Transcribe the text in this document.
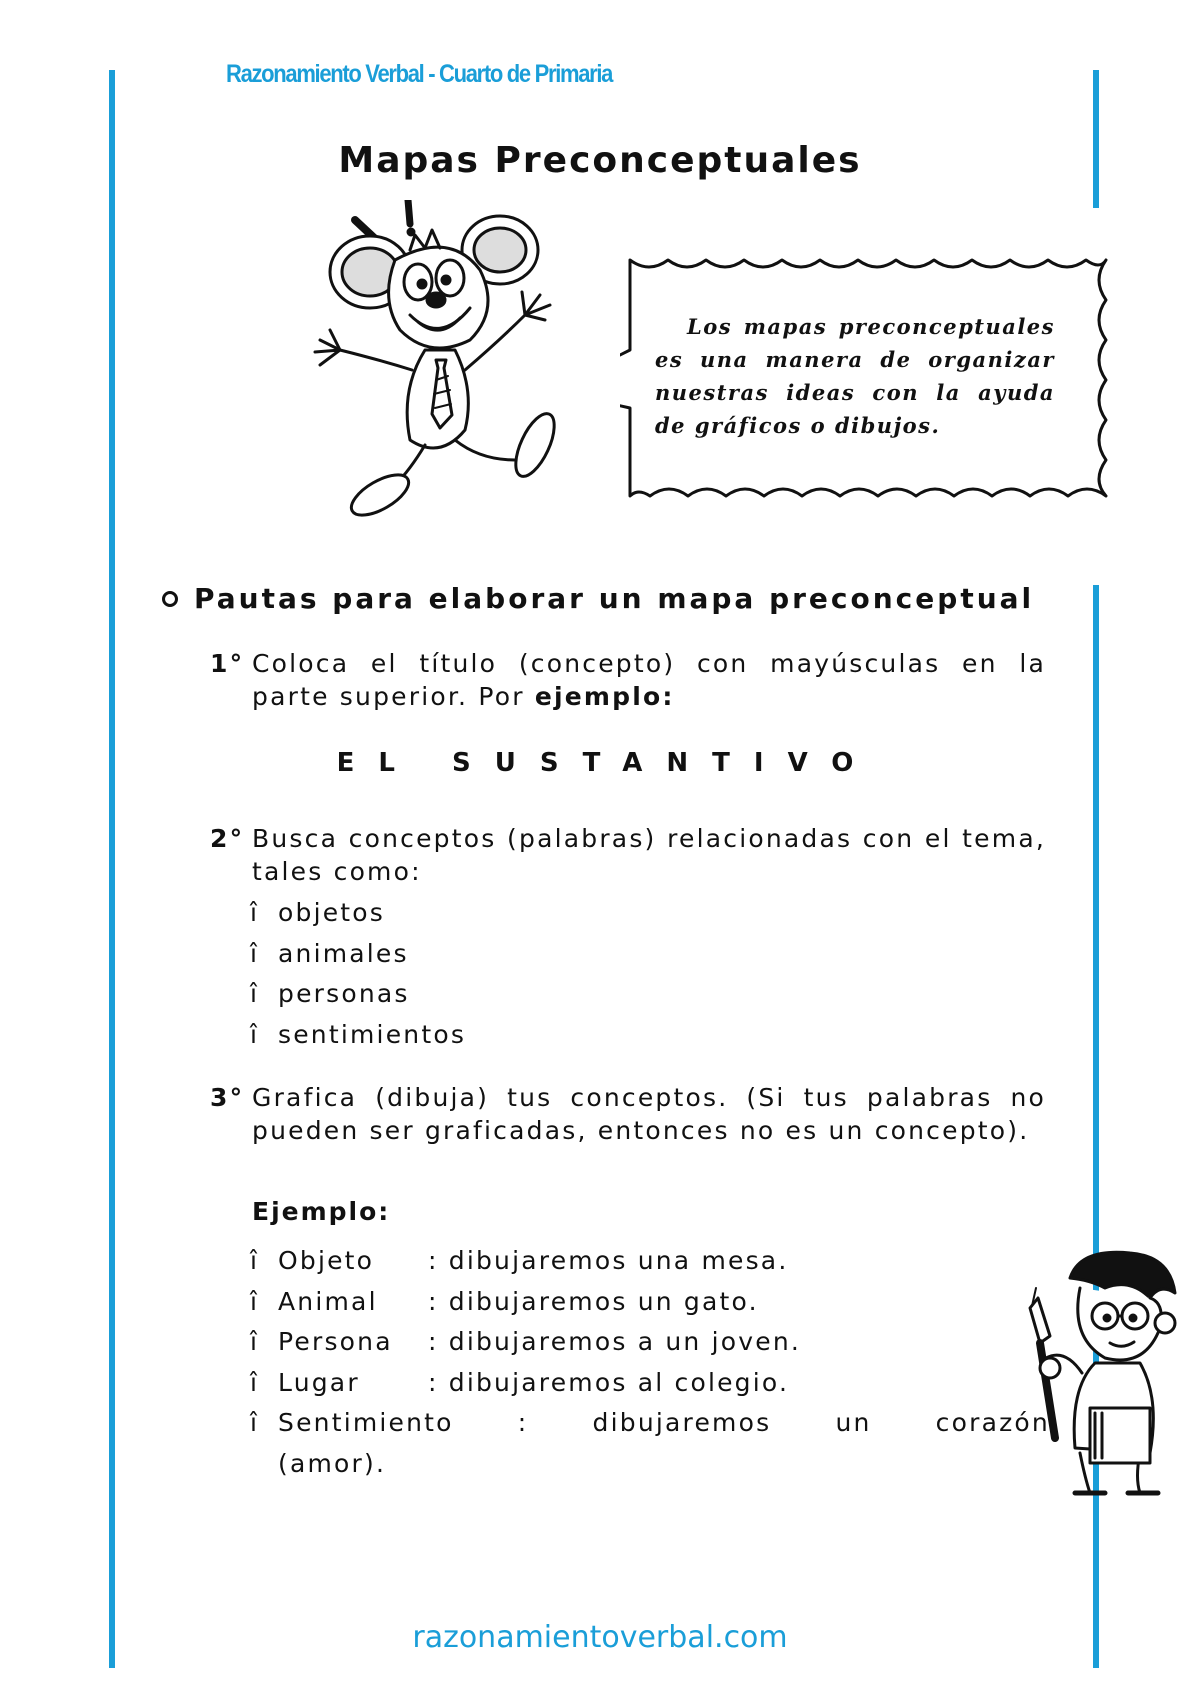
Razonamiento Verbal - Cuarto de Primaria
Mapas Preconceptuales
Los mapas preconceptuales es una manera de organizar nuestras ideas con la ayuda de gráficos o dibujos.
Pautas para elaborar un mapa preconceptual
1° Coloca el título (concepto) con mayúsculas en la parte superior. Por ejemplo:
EL SUSTANTIVO
2° Busca conceptos (palabras) relacionadas con el tema, tales como:
î objetos
î animales
î personas
î sentimientos
3° Grafica (dibuja) tus conceptos. (Si tus palabras no pueden ser graficadas, entonces no es un concepto).
Ejemplo:
î Objeto	: dibujaremos una mesa.
î Animal	: dibujaremos un gato.
î Persona	: dibujaremos a un joven.
î Lugar	: dibujaremos al colegio.
î Sentimiento	:	dibujaremos	un	corazón
(amor).
razonamientoverbal.com
